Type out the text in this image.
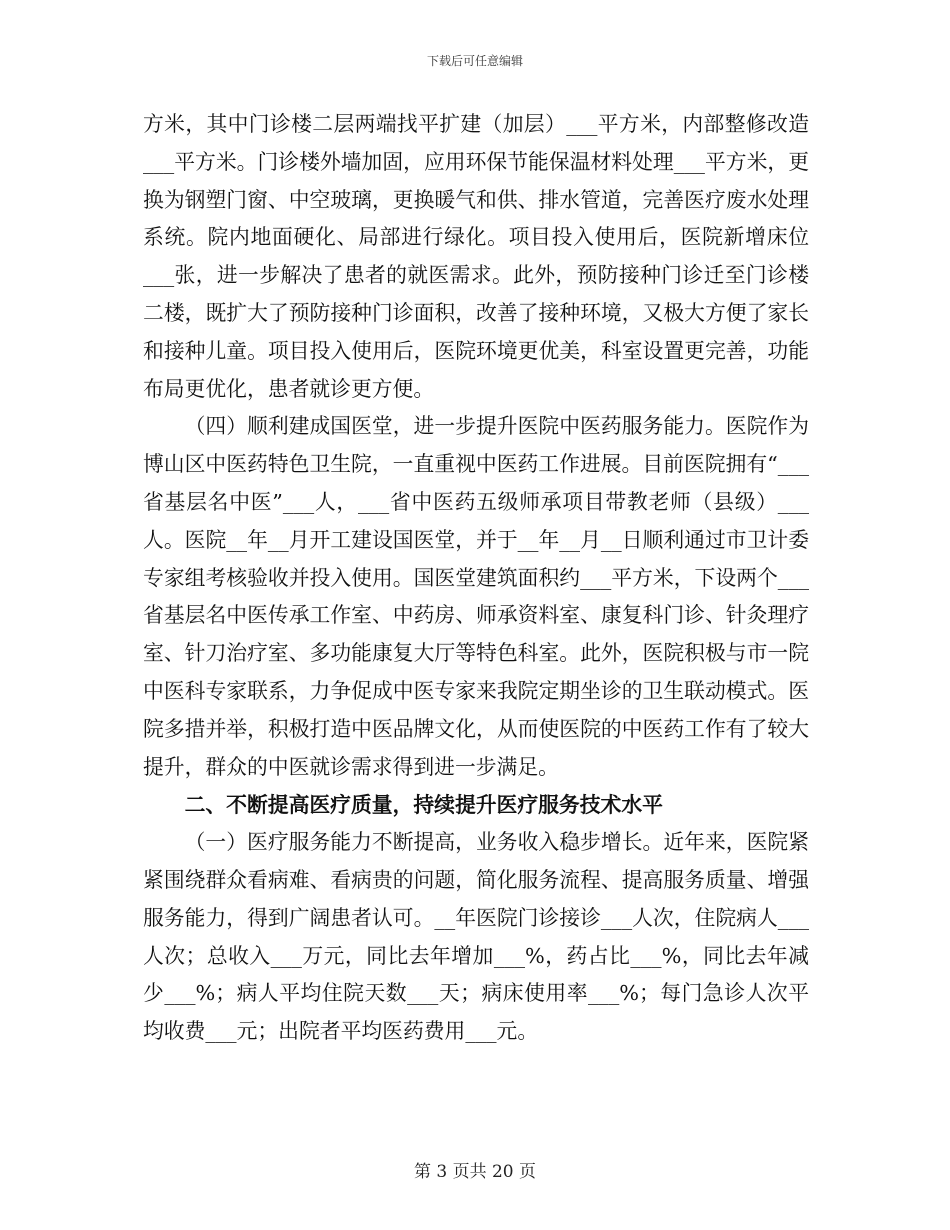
下载后可任意编辑

方米，其中门诊楼二层两端找平扩建（加层）___平方米，内部整修改造___平方米。门诊楼外墙加固，应用环保节能保温材料处理___平方米，更换为钢塑门窗、中空玻璃，更换暖气和供、排水管道，完善医疗废水处理系统。院内地面硬化、局部进行绿化。项目投入使用后，医院新增床位___张，进一步解决了患者的就医需求。此外，预防接种门诊迁至门诊楼二楼，既扩大了预防接种门诊面积，改善了接种环境，又极大方便了家长和接种儿童。项目投入使用后，医院环境更优美，科室设置更完善，功能布局更优化，患者就诊更方便。

（四）顺利建成国医堂，进一步提升医院中医药服务能力。医院作为博山区中医药特色卫生院，一直重视中医药工作进展。目前医院拥有“___省基层名中医”___人，___省中医药五级师承项目带教老师（县级）___人。医院__年__月开工建设国医堂，并于__年__月__日顺利通过市卫计委专家组考核验收并投入使用。国医堂建筑面积约___平方米，下设两个___省基层名中医传承工作室、中药房、师承资料室、康复科门诊、针灸理疗室、针刀治疗室、多功能康复大厅等特色科室。此外，医院积极与市一院中医科专家联系，力争促成中医专家来我院定期坐诊的卫生联动模式。医院多措并举，积极打造中医品牌文化，从而使医院的中医药工作有了较大提升，群众的中医就诊需求得到进一步满足。

二、不断提高医疗质量，持续提升医疗服务技术水平

（一）医疗服务能力不断提高，业务收入稳步增长。近年来，医院紧紧围绕群众看病难、看病贵的问题，简化服务流程、提高服务质量、增强服务能力，得到广阔患者认可。__年医院门诊接诊___人次，住院病人___人次；总收入___万元，同比去年增加___%，药占比___%，同比去年减少___%；病人平均住院天数___天；病床使用率___%；每门急诊人次平均收费___元；出院者平均医药费用___元。

第 3 页共 20 页
